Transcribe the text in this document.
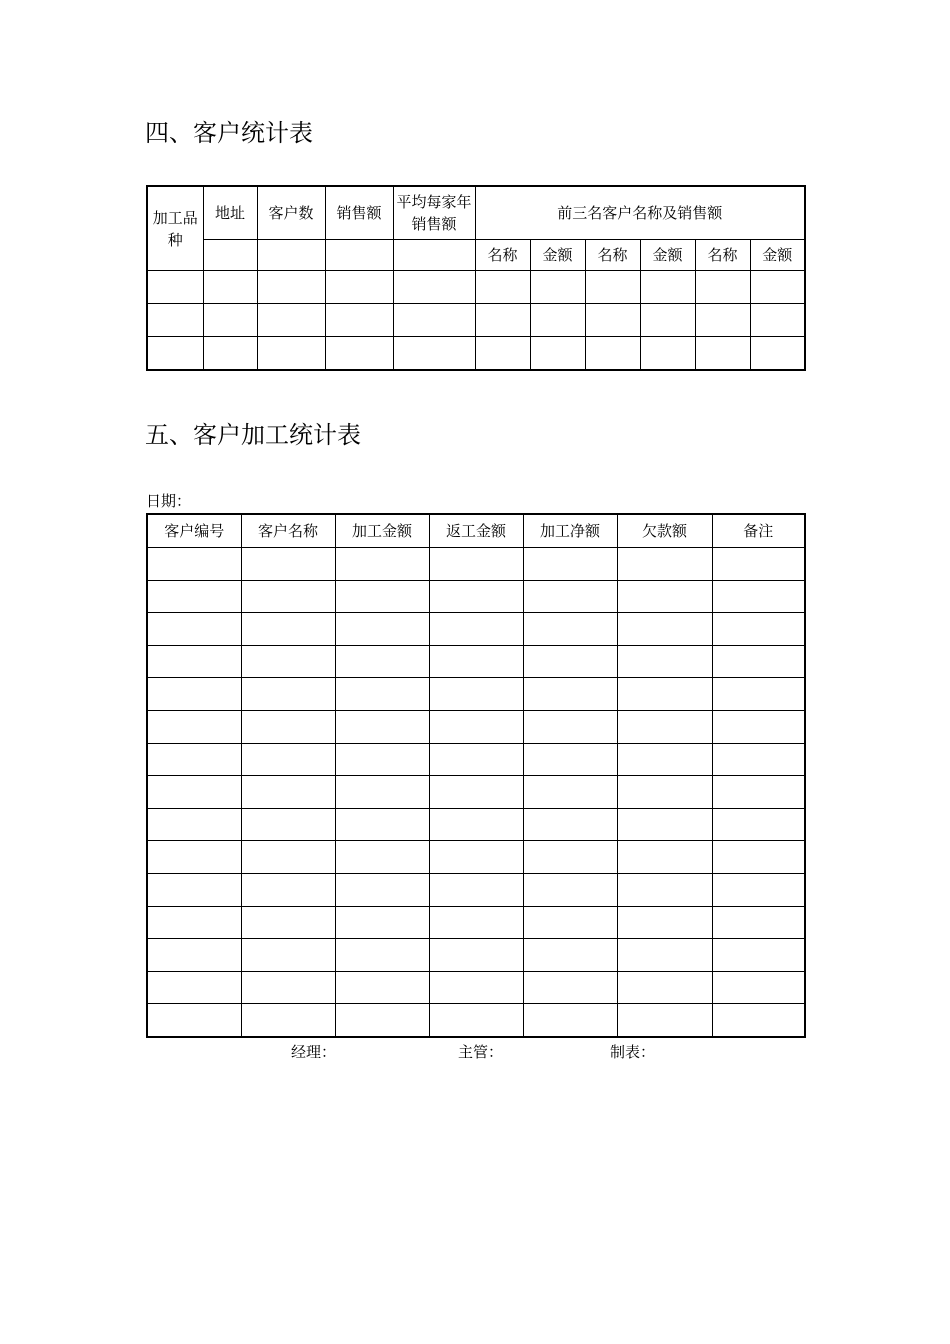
四、客户统计表
加工品种	地址	客户数	销售额	平均每家年销售额	前三名客户名称及销售额					
					名称	金额	名称	金额	名称	金额

五、客户加工统计表
日期：
客户编号	客户名称	加工金额	返工金额	加工净额	欠款额	备注

经理：	主管：	制表：
